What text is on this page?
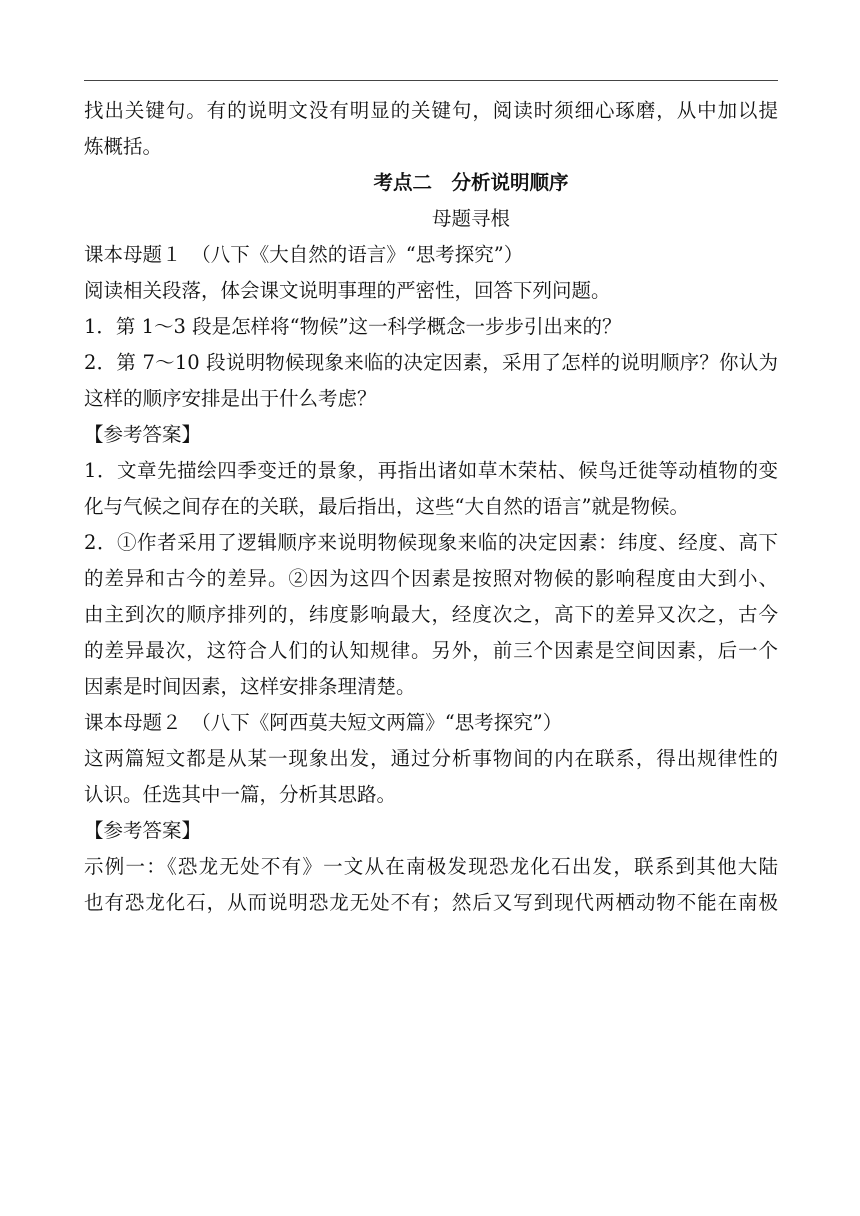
找出关键句。有的说明文没有明显的关键句，阅读时须细心琢磨，从中加以提

炼概括。

考点二　分析说明顺序

母题寻根

课本母题１　（八下《大自然的语言》“思考探究”）

阅读相关段落，体会课文说明事理的严密性，回答下列问题。

1．第 1～3 段是怎样将“物候”这一科学概念一步步引出来的？

2．第 7～10 段说明物候现象来临的决定因素，采用了怎样的说明顺序？你认为

这样的顺序安排是出于什么考虑？

【参考答案】

1．文章先描绘四季变迁的景象，再指出诸如草木荣枯、候鸟迁徙等动植物的变

化与气候之间存在的关联，最后指出，这些“大自然的语言”就是物候。

2．①作者采用了逻辑顺序来说明物候现象来临的决定因素：纬度、经度、高下

的差异和古今的差异。②因为这四个因素是按照对物候的影响程度由大到小、

由主到次的顺序排列的，纬度影响最大，经度次之，高下的差异又次之，古今

的差异最次，这符合人们的认知规律。另外，前三个因素是空间因素，后一个

因素是时间因素，这样安排条理清楚。

课本母题２　（八下《阿西莫夫短文两篇》“思考探究”）

这两篇短文都是从某一现象出发，通过分析事物间的内在联系，得出规律性的

认识。任选其中一篇，分析其思路。

【参考答案】

示例一：《恐龙无处不有》一文从在南极发现恐龙化石出发，联系到其他大陆

也有恐龙化石，从而说明恐龙无处不有；然后又写到现代两栖动物不能在南极
